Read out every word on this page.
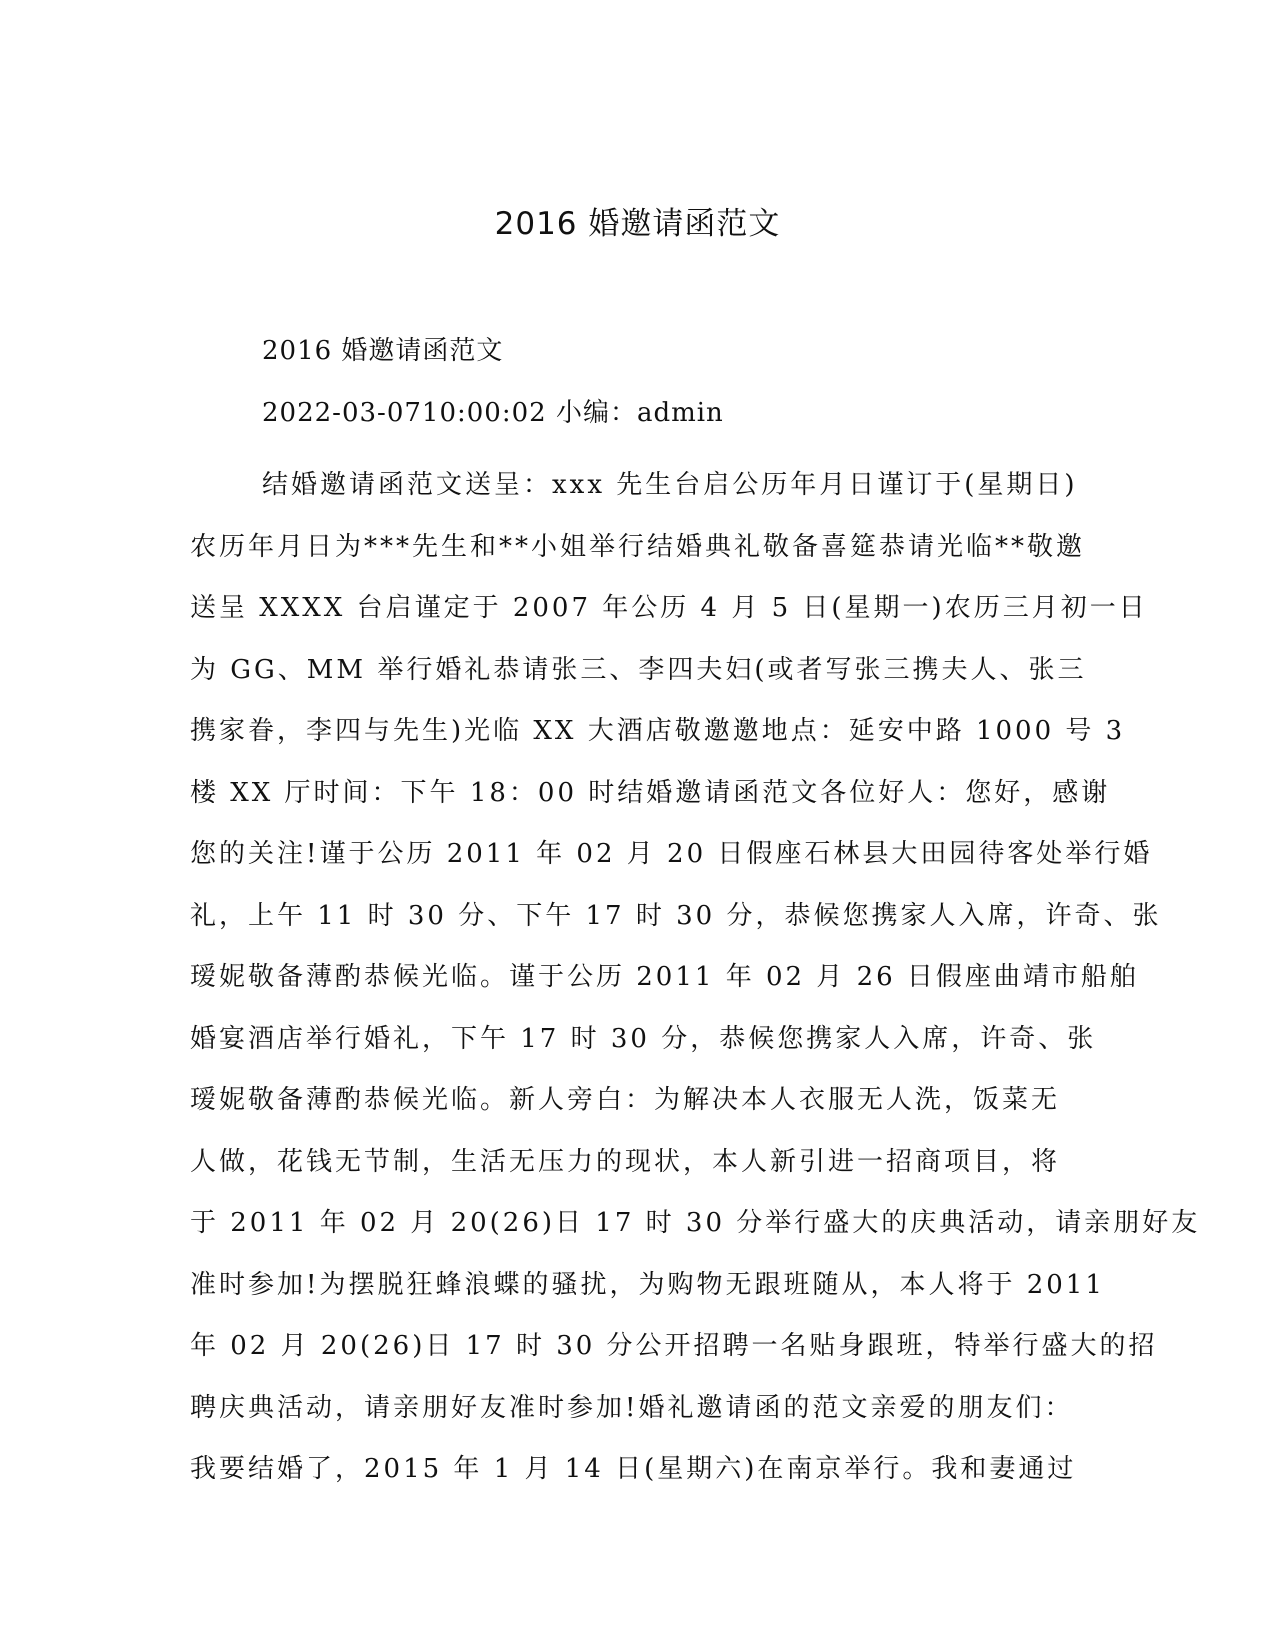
2016 婚邀请函范文
2016 婚邀请函范文
2022-03-0710:00:02 小编：admin
结婚邀请函范文送呈：xxx 先生台启公历年月日谨订于(星期日)
农历年月日为***先生和**小姐举行结婚典礼敬备喜筵恭请光临**敬邀
送呈 XXXX 台启谨定于 2007 年公历 4 月 5 日(星期一)农历三月初一日
为 GG、MM 举行婚礼恭请张三、李四夫妇(或者写张三携夫人、张三
携家眷，李四与先生)光临 XX 大酒店敬邀邀地点：延安中路 1000 号 3
楼 XX 厅时间：下午 18：00 时结婚邀请函范文各位好人：您好，感谢
您的关注!谨于公历 2011 年 02 月 20 日假座石林县大田园待客处举行婚
礼，上午 11 时 30 分、下午 17 时 30 分，恭候您携家人入席，许奇、张
瑷妮敬备薄酌恭候光临。谨于公历 2011 年 02 月 26 日假座曲靖市船舶
婚宴酒店举行婚礼，下午 17 时 30 分，恭候您携家人入席，许奇、张
瑷妮敬备薄酌恭候光临。新人旁白：为解决本人衣服无人洗，饭菜无
人做，花钱无节制，生活无压力的现状，本人新引进一招商项目，将
于 2011 年 02 月 20(26)日 17 时 30 分举行盛大的庆典活动，请亲朋好友
准时参加!为摆脱狂蜂浪蝶的骚扰，为购物无跟班随从，本人将于 2011
年 02 月 20(26)日 17 时 30 分公开招聘一名贴身跟班，特举行盛大的招
聘庆典活动，请亲朋好友准时参加!婚礼邀请函的范文亲爱的朋友们：
我要结婚了，2015 年 1 月 14 日(星期六)在南京举行。我和妻通过
